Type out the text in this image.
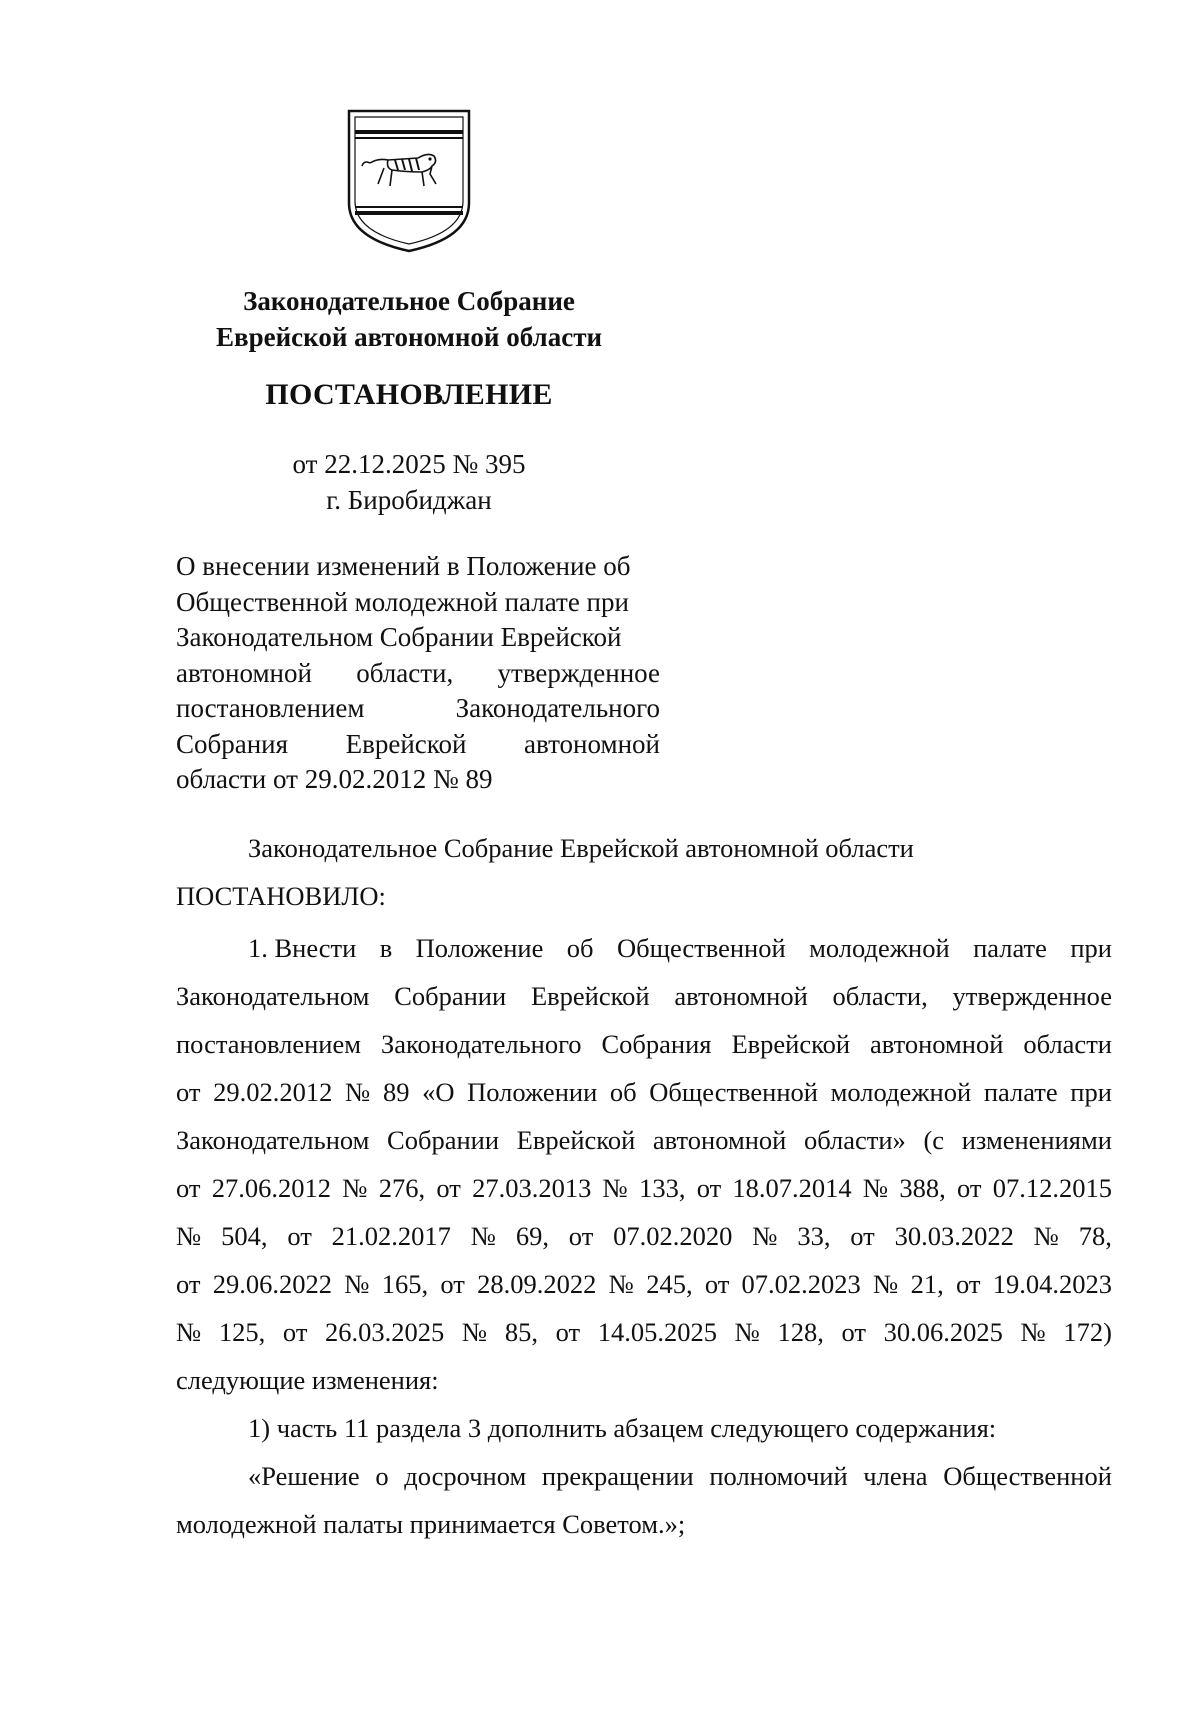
Законодательное Собрание
Еврейской автономной области
ПОСТАНОВЛЕНИЕ
от 22.12.2025 № 395
г. Биробиджан
О внесении изменений в Положение об
Общественной молодежной палате при
Законодательном Собрании Еврейской
автономной области, утвержденное
постановлением	Законодательного
Собрания Еврейской автономной
области от 29.02.2012 № 89
Законодательное Собрание Еврейской автономной области
ПОСТАНОВИЛО:
1. Внести в Положение об Общественной молодежной палате при
Законодательном Собрании Еврейской автономной области, утвержденное
постановлением Законодательного Собрания Еврейской автономной области
от 29.02.2012 № 89 «О Положении об Общественной молодежной палате при
Законодательном Собрании Еврейской автономной области» (с изменениями
от 27.06.2012 № 276, от 27.03.2013 № 133, от 18.07.2014 № 388, от 07.12.2015
№ 504, от 21.02.2017 № 69, от 07.02.2020 № 33, от 30.03.2022 № 78,
от 29.06.2022 № 165, от 28.09.2022 № 245, от 07.02.2023 № 21, от 19.04.2023
№ 125, от 26.03.2025 № 85, от 14.05.2025 № 128, от 30.06.2025 № 172)
следующие изменения:
1) часть 11 раздела 3 дополнить абзацем следующего содержания:
«Решение о досрочном прекращении полномочий члена Общественной
молодежной палаты принимается Советом.»;
